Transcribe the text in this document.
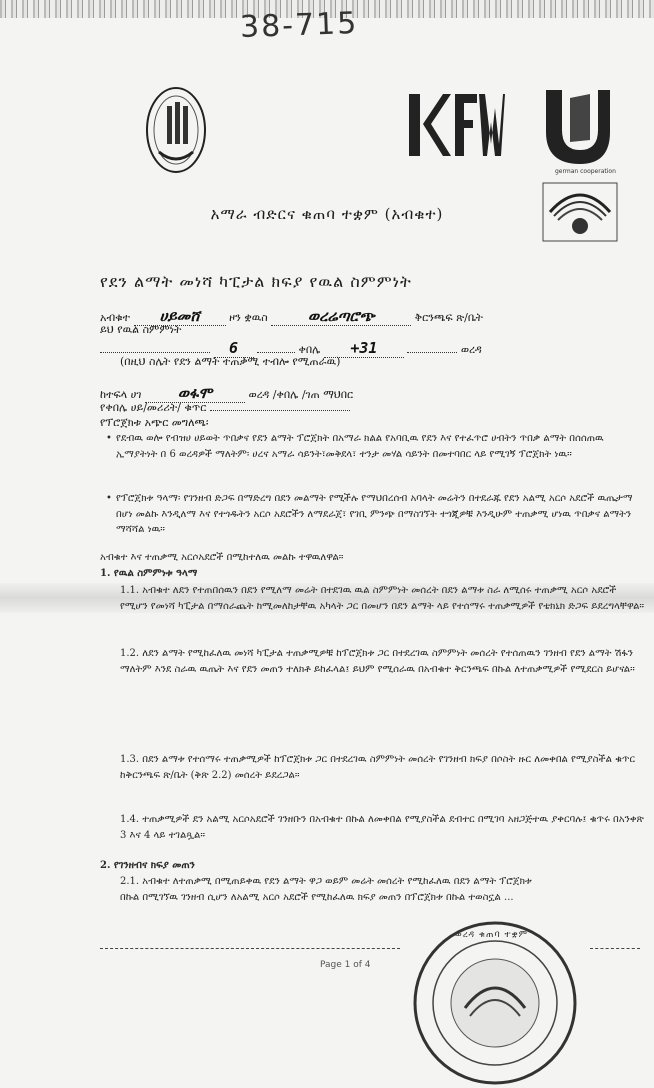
38-715
german cooperation
አማራ ብድርና ቁጠባ ተቋም (አብቁተ)
የደን ልማት መነሻ ካፒታል ክፍያ የዉል ስምምነት
አብቁተ ሀይመሸ	ዞን ቋዉስ	ወረሬጣሮጭ	ቅርንጫፍ ጽ/ቤት
ይህ የዉል ስምምነት
6	ቀበሌ +31	ወረዳ
(በዚህ ስሌት የደን ልማት ተጠቃሚ ተብሎ የሚጠራዉ)
ከተፍላ ሀገ ወፋሞ	ወረዳ /ቀበሌ /ገጠ ማህበር
የቀበሌ ሀይ/መሪሪት/ ቁጥር
የፕሮጀክቱ አጭር መግለጫ፡
• የደብዉ ወሎ የብዝሀ ሀይወት ጥበቃና የደን ልማት ፕሮጀክት በአማራ ክልል የአባቢዉ የደን እና የተፈጥሮ ሀብትን ጥበቃ ልማት በሰሰጠዉ ኢማያትነት በ 6 ወረዳዎች ማለትም፡ ሀረና አማራ ሳይንት፣መቅደላ፣ ተንታ መሃል ሳይንት በመተባበር ላይ የሚገኝ ፕሮጀክት ነዉ።
• የፕሮጀክቱ ዓላማ፡ የገንዘብ ድጋፍ በማድረግ በደን መልማት የሚችሉ የማህበረሰብ አባላት መሬትን በተደራጁ የደን አልሚ አርሶ አደሮች ዉጤታማ በሆነ መልኩ እንዲለማ እና የተጎዱትን አርሶ አደሮችን ለማደራጀ፣ የገቢ ምንጭ በማስገኘት ተጎጂዎቹ እንዲሁም ተጠቃሚ ሆነዉ ጥበቃና ልማትን ማሻሻል ነዉ።
አብቁተ እና ተጠቃሚ አርሶአደሮች በሚከተለዉ መልኩ ተዋዉለዋል።
1. የዉል ስምምነቱ ዓላማ
1.1. አብቁተ ለደን የተጠበሰዉን በደን የሚለማ መሬት በተደገዉ ዉል ስምምነት መሰረት በደን ልማቱ ስራ ለሚሰሩ ተጠቃሚ አርሶ አደሮች የሚሆን የመነሻ ካፒታል በማሰራጨት ከሚመለከታቸዉ አካላት ጋር በመሆን በደን ልማት ላይ የተሰማሩ ተጠቃሚዎች የቴክኒክ ድጋፍ ይደረግላቸዋል።
1.2. ለደን ልማት የሚከፈለዉ መነሻ ካፒታል ተጠቃሚዎቹ ከፕሮጀክቱ ጋር በተደረገዉ ስምምነት መሰረት የተሰጠዉን ገንዘብ የደን ልማት ሽፋን ማለትም እንደ ስራዉ ዉጤት እና የደን መጠን ተለክቶ ይከፈላል፤ ይህም የሚሰራዉ በአብቁተ ቅርንጫፍ በኩል ለተጠቃሚዎች የሚደርስ ይሆናል።
1.3. በደን ልማቱ የተሰማሩ ተጠቃሚዎች ከፕሮጀክቱ ጋር በተደረገዉ ስምምነት መሰረት የገንዘብ ክፍያ በሶስት ዙር ለመቀበል የሚያስችል ቁጥር ከቅርንጫፍ ጽ/ቤት (ቅጽ 2.2) መሰረት ይደረጋል።
1.4. ተጠቃሚዎች ደን አልሚ አርሶአደሮች ገንዘቡን በአብቁተ በኩል ለመቀበል የሚያስችል ደብተር በሚገባ አዘጋጅተዉ ያቀርባሉ፤ ቁጥሩ በአንቀጽ 3 እና 4 ላይ ተገልጿል።
2. የገንዘብና ክፍያ መጠን
2.1. አብቁተ ለተጠቃሚ በሚጠይቀዉ የደን ልማት ዋጋ ወይም መሬት መሰረት የሚከፈለዉ በደን ልማት ፕሮጀክቱ በኩል በሚገኘዉ ገንዘብ ሲሆን ለአልሚ አርሶ አደሮች የሚከፈለዉ ክፍያ መጠን በፕሮጀክቱ በኩል ተወስኗል ...
Page 1 of 4
ወረዳ ቁጠባ ተቋም
